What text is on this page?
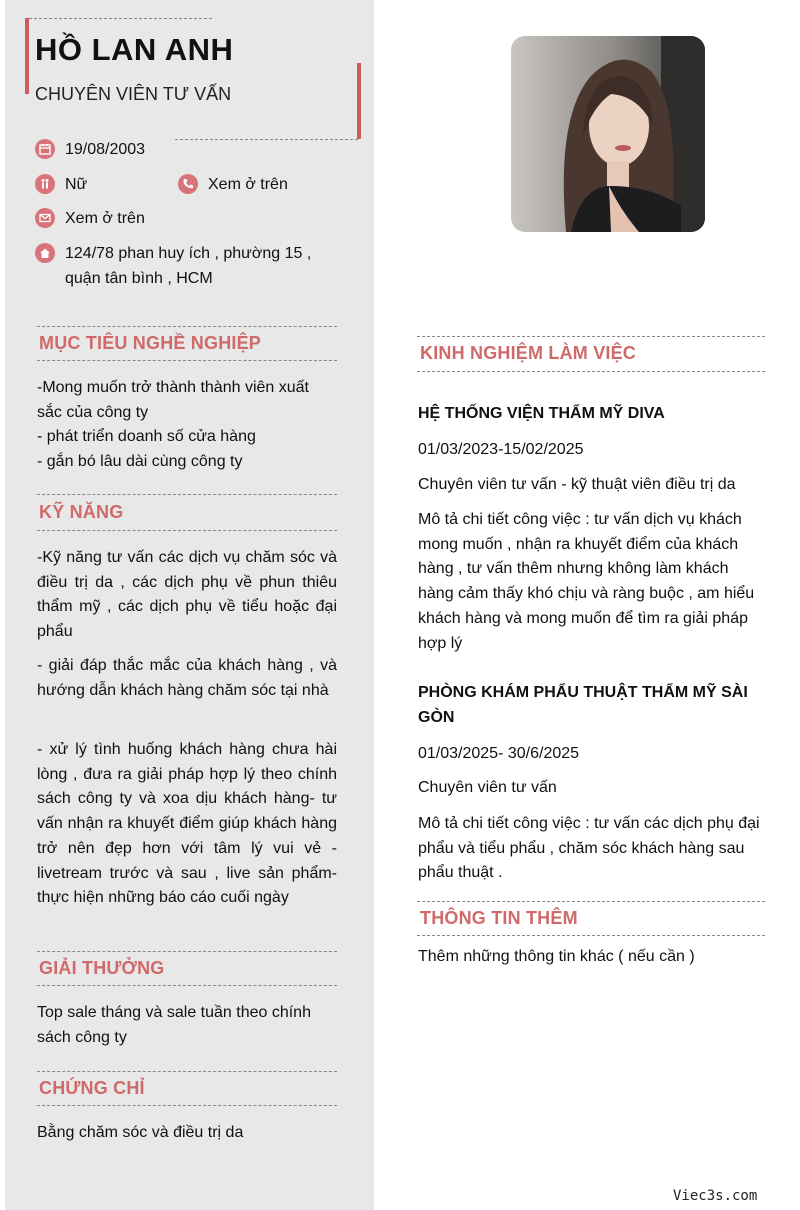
HỒ LAN ANH
CHUYÊN VIÊN TƯ VẤN
19/08/2003
Nữ	Xem ở trên
Xem ở trên
124/78 phan huy ích , phường 15 ,
quận tân bình , HCM
MỤC TIÊU NGHỀ NGHIỆP
-Mong muốn trở thành thành viên xuất
sắc của công ty
- phát triển doanh số cửa hàng
- gắn bó lâu dài cùng công ty
KỸ NĂNG
-Kỹ năng tư vấn các dịch vụ chăm sóc và điều trị da , các dịch phụ về phun thiêu thẩm mỹ , các dịch phụ về tiểu hoặc đại phẩu
- giải đáp thắc mắc của khách hàng , và hướng dẫn khách hàng chăm sóc tại nhà
- xử lý tình huống khách hàng chưa hài lòng , đưa ra giải pháp hợp lý theo chính sách công ty và xoa dịu khách hàng- tư vấn nhận ra khuyết điểm giúp khách hàng trở nên đẹp hơn với tâm lý vui vẻ - livetream trước và sau , live sản phẩm- thực hiện những báo cáo cuối ngày
GIẢI THƯỞNG
Top sale tháng và sale tuần theo chính sách công ty
CHỨNG CHỈ
Bằng chăm sóc và điều trị da
KINH NGHIỆM LÀM VIỆC
HỆ THỐNG VIỆN THẨM MỸ DIVA
01/03/2023-15/02/2025
Chuyên viên tư vấn - kỹ thuật viên điều trị da
Mô tả chi tiết công việc : tư vấn dịch vụ khách mong muốn , nhận ra khuyết điểm của khách hàng , tư vấn thêm nhưng không làm khách hàng cảm thấy khó chịu và ràng buộc , am hiểu khách hàng và mong muốn để tìm ra giải pháp hợp lý
PHÒNG KHÁM PHẨU THUẬT THẨM MỸ SÀI GÒN
01/03/2025- 30/6/2025
Chuyên viên tư vấn
Mô tả chi tiết công việc : tư vấn các dịch phụ đại phẩu và tiểu phẩu , chăm sóc khách hàng sau phẩu thuật .
THÔNG TIN THÊM
Thêm những thông tin khác ( nếu cần )
Viec3s.com
